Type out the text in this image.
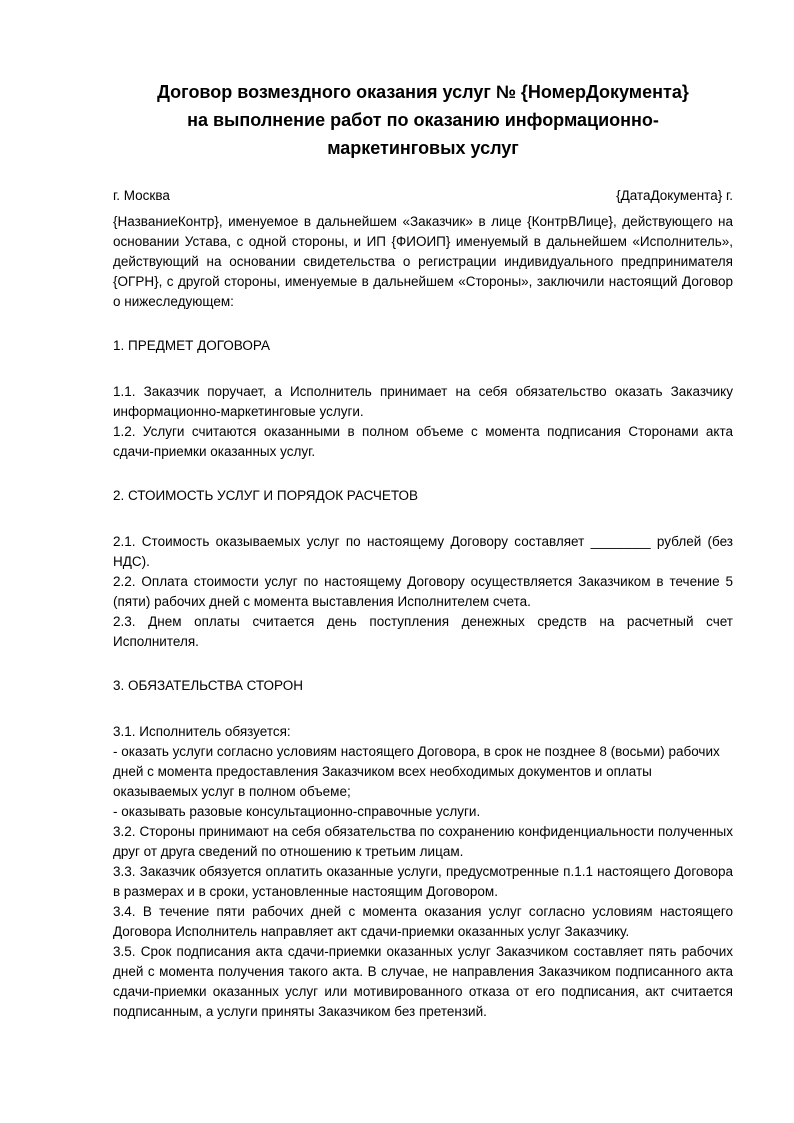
Договор возмездного оказания услуг № {НомерДокумента}
на выполнение работ по оказанию информационно-маркетинговых услуг
г. Москва	{ДатаДокумента} г.

{НазваниеКонтр}, именуемое в дальнейшем «Заказчик» в лице {КонтрВЛице}, действующего на основании Устава, с одной стороны, и ИП {ФИОИП} именуемый в дальнейшем «Исполнитель», действующий на основании свидетельства о регистрации индивидуального предпринимателя {ОГРН}, с другой стороны, именуемые в дальнейшем «Стороны», заключили настоящий Договор о нижеследующем:

1. ПРЕДМЕТ ДОГОВОРА

1.1. Заказчик поручает, а Исполнитель принимает на себя обязательство оказать Заказчику информационно-маркетинговые услуги.

1.2. Услуги считаются оказанными в полном объеме с момента подписания Сторонами акта сдачи-приемки оказанных услуг.

2. СТОИМОСТЬ УСЛУГ И ПОРЯДОК РАСЧЕТОВ

2.1. Стоимость оказываемых услуг по настоящему Договору составляет ________ рублей (без НДС).

2.2. Оплата стоимости услуг по настоящему Договору осуществляется Заказчиком в течение 5 (пяти) рабочих дней с момента выставления Исполнителем счета.

2.3. Днем оплаты считается день поступления денежных средств на расчетный счет Исполнителя.

3. ОБЯЗАТЕЛЬСТВА СТОРОН

3.1. Исполнитель обязуется:

- оказать услуги согласно условиям настоящего Договора, в срок не позднее 8 (восьми) рабочих дней с момента предоставления Заказчиком всех необходимых документов и оплаты оказываемых услуг в полном объеме;

- оказывать разовые консультационно-справочные услуги.

3.2. Стороны принимают на себя обязательства по сохранению конфиденциальности полученных друг от друга сведений по отношению к третьим лицам.

3.3. Заказчик обязуется оплатить оказанные услуги, предусмотренные п.1.1 настоящего Договора в размерах и в сроки, установленные настоящим Договором.

3.4. В течение пяти рабочих дней с момента оказания услуг согласно условиям настоящего Договора Исполнитель направляет акт сдачи-приемки оказанных услуг Заказчику.

3.5. Срок подписания акта сдачи-приемки оказанных услуг Заказчиком составляет пять рабочих дней с момента получения такого акта. В случае, не направления Заказчиком подписанного акта сдачи-приемки оказанных услуг или мотивированного отказа от его подписания, акт считается подписанным, а услуги приняты Заказчиком без претензий.
